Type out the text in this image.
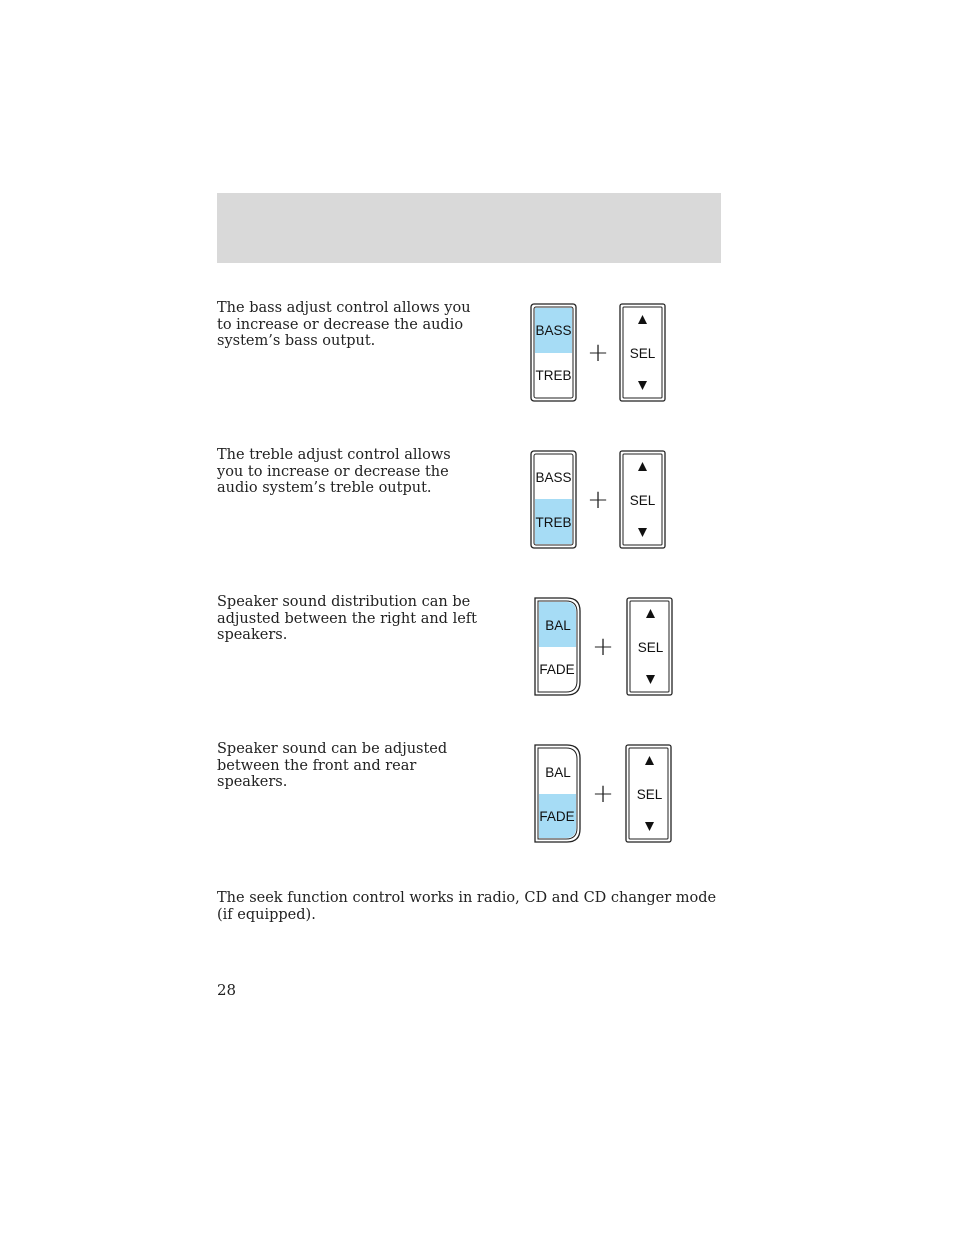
The bass adjust control allows you to increase or decrease the audio system’s bass output.

BASS
TREB
+ SEL

The treble adjust control allows you to increase or decrease the audio system’s treble output.

BASS
TREB
+ SEL

Speaker sound distribution can be adjusted between the right and left speakers.

BAL
FADE
+ SEL

Speaker sound can be adjusted between the front and rear speakers.

BAL
FADE
+ SEL

The seek function control works in radio, CD and CD changer mode (if equipped).

28
